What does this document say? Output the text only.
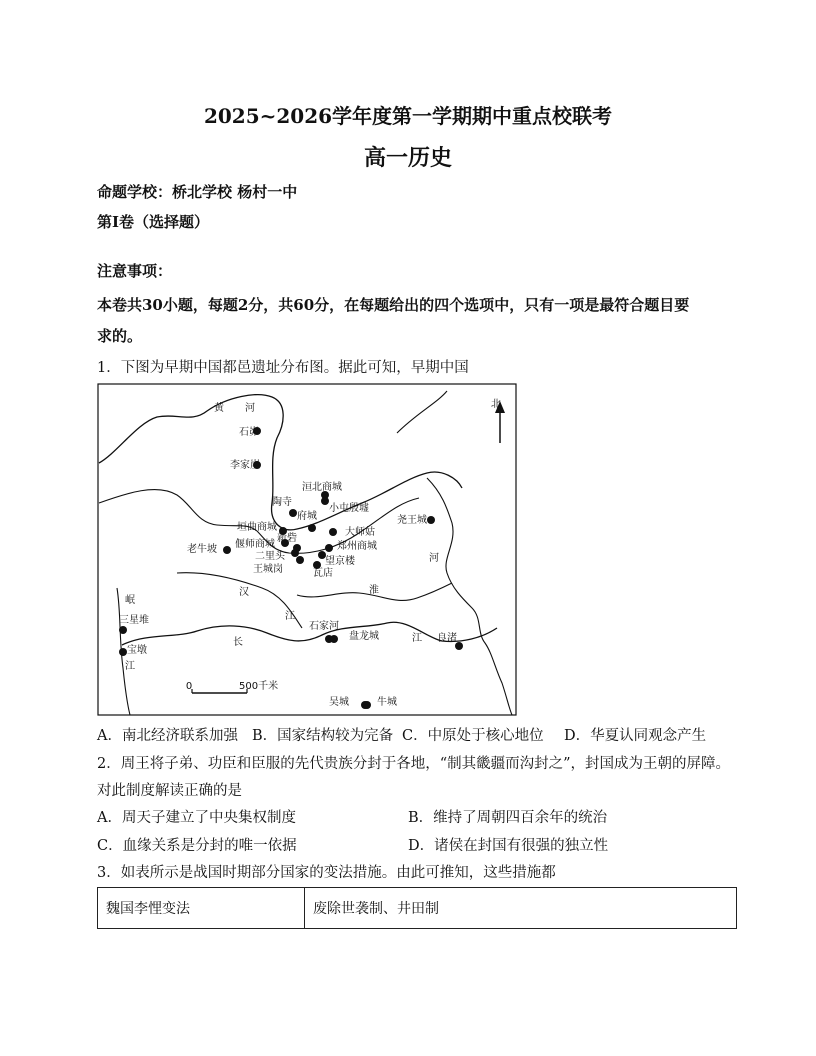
2025~2026学年度第一学期期中重点校联考
高一历史
命题学校：桥北学校 杨村一中
第Ⅰ卷（选择题）
注意事项：
本卷共30小题，每题2分，共60分，在每题给出的四个选项中，只有一项是最符合题目要
求的。
1．下图为早期中国都邑遗址分布图。据此可知，早期中国
黄 河
河
淮
汉
江
长	江
岷
江
石峁
李家崖
洹北商城
小屯殷墟
陶寺
府城
垣曲商城	大师姑
偃师商城
新砦
郑州商城
老牛坡
二里头
王城岗
望京楼
瓦店
尧王城
三星堆
宝墩
石家河
盘龙城	良渚
吴城	牛城
北
0	500千米
A．南北经济联系加强 B．国家结构较为完备 C．中原处于核心地位 D．华夏认同观念产生
2．周王将子弟、功臣和臣服的先代贵族分封于各地，“制其畿疆而沟封之”，封国成为王朝的屏障。
对此制度解读正确的是
A．周天子建立了中央集权制度	B．维持了周朝四百余年的统治
C．血缘关系是分封的唯一依据	D．诸侯在封国有很强的独立性
3．如表所示是战国时期部分国家的变法措施。由此可推知，这些措施都
魏国李悝变法	废除世袭制、井田制
